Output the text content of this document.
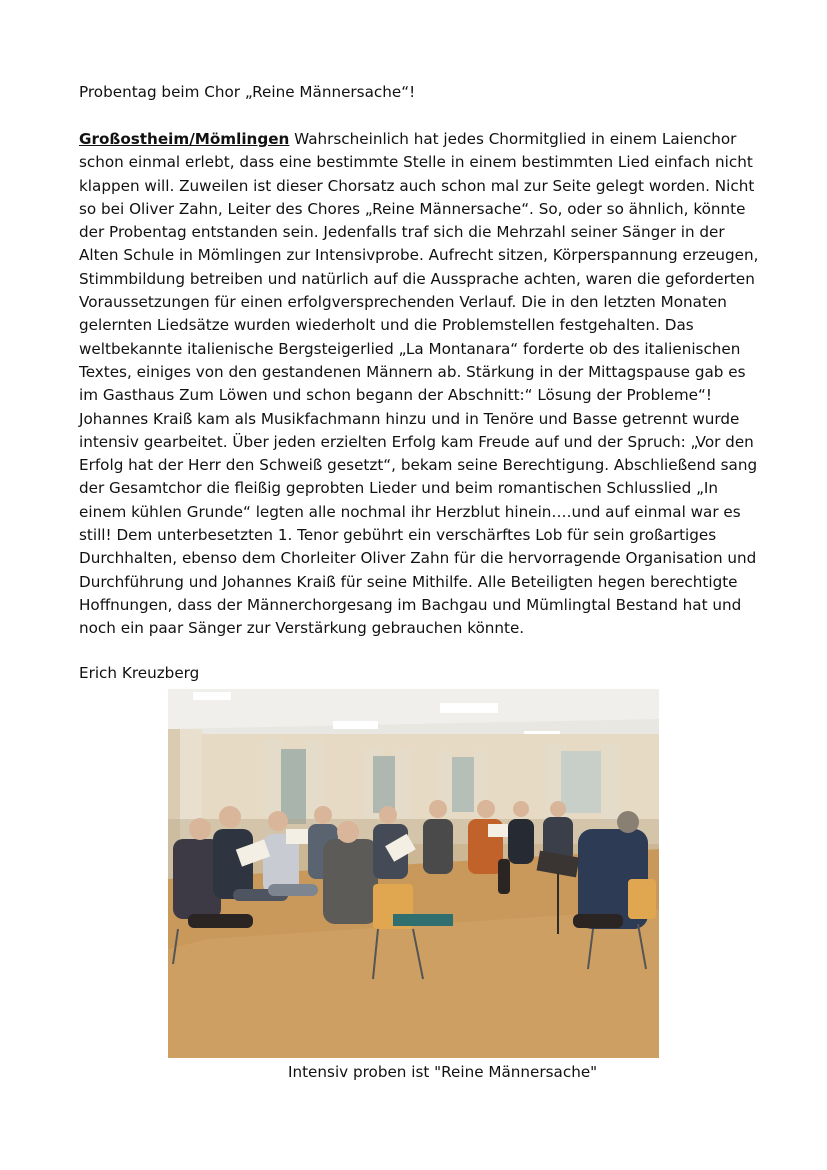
Probentag beim Chor „Reine Männersache“!

Großostheim/Mömlingen Wahrscheinlich hat jedes Chormitglied in einem Laienchor schon einmal erlebt, dass eine bestimmte Stelle in einem bestimmten Lied einfach nicht klappen will. Zuweilen ist dieser Chorsatz auch schon mal zur Seite gelegt worden. Nicht so bei Oliver Zahn, Leiter des Chores „Reine Männersache“. So, oder so ähnlich, könnte der Probentag entstanden sein. Jedenfalls traf sich die Mehrzahl seiner Sänger in der Alten Schule in Mömlingen zur Intensivprobe. Aufrecht sitzen, Körperspannung erzeugen, Stimmbildung betreiben und natürlich auf die Aussprache achten, waren die geforderten Voraussetzungen für einen erfolgversprechenden Verlauf. Die in den letzten Monaten gelernten Liedsätze wurden wiederholt und die Problemstellen festgehalten. Das weltbekannte italienische Bergsteigerlied „La Montanara“ forderte ob des italienischen Textes, einiges von den gestandenen Männern ab. Stärkung in der Mittagspause gab es im Gasthaus Zum Löwen und schon begann der Abschnitt:“ Lösung der Probleme“! Johannes Kraiß kam als Musikfachmann hinzu und in Tenöre und Basse getrennt wurde intensiv gearbeitet. Über jeden erzielten Erfolg kam Freude auf und der Spruch: „Vor den Erfolg hat der Herr den Schweiß gesetzt“, bekam seine Berechtigung. Abschließend sang der Gesamtchor die fleißig geprobten Lieder und beim romantischen Schlusslied „In einem kühlen Grunde“ legten alle nochmal ihr Herzblut hinein….und auf einmal war es still! Dem unterbesetzten 1. Tenor gebührt ein verschärftes Lob für sein großartiges Durchhalten, ebenso dem Chorleiter Oliver Zahn für die hervorragende Organisation und Durchführung und Johannes Kraiß für seine Mithilfe. Alle Beteiligten hegen berechtigte Hoffnungen, dass der Männerchorgesang im Bachgau und Mümlingtal Bestand hat und noch ein paar Sänger zur Verstärkung gebrauchen könnte.

Erich Kreuzberg
Intensiv proben ist "Reine Männersache"
